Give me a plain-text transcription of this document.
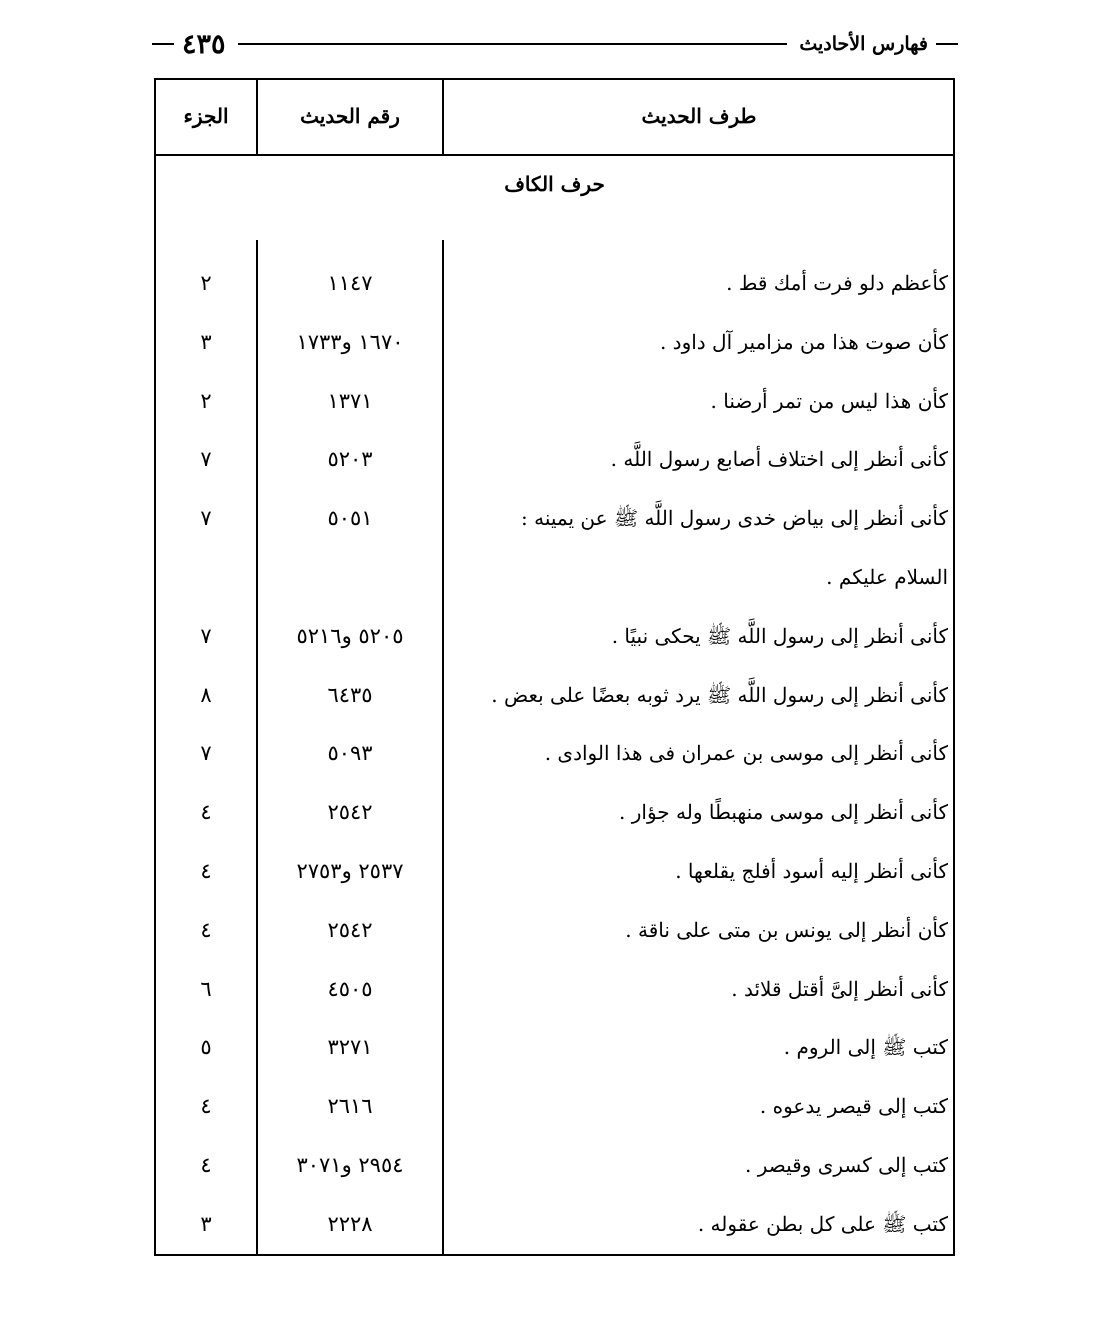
فهارس الأحاديث
٤٣٥
طرف الحديث
رقم الحديث
الجزء
حرف الكاف
كأعظم دلو فرت أمك قط .
١١٤٧
٢
كأن صوت هذا من مزامير آل داود .
١٦٧٠ و١٧٣٣
٣
كأن هذا ليس من تمر أرضنا .
١٣٧١
٢
كأنى أنظر إلى اختلاف أصابع رسول اللَّه .
٥٢٠٣
٧
كأنى أنظر إلى بياض خدى رسول اللَّه ﷺ عن يمينه :
٥٠٥١
٧
السلام عليكم .
كأنى أنظر إلى رسول اللَّه ﷺ يحكى نبيًا .
٥٢٠٥ و٥٢١٦
٧
كأنى أنظر إلى رسول اللَّه ﷺ يرد ثوبه بعضًا على بعض .
٦٤٣٥
٨
كأنى أنظر إلى موسى بن عمران فى هذا الوادى .
٥٠٩٣
٧
كأنى أنظر إلى موسى منهبطًا وله جؤار .
٢٥٤٢
٤
كأنى أنظر إليه أسود أفلج يقلعها .
٢٥٣٧ و٢٧٥٣
٤
كأن أنظر إلى يونس بن متى على ناقة .
٢٥٤٢
٤
كأنى أنظر إلىَّ أقتل قلائد .
٤٥٠٥
٦
كتب ﷺ إلى الروم .
٣٢٧١
٥
كتب إلى قيصر يدعوه .
٢٦١٦
٤
كتب إلى كسرى وقيصر .
٢٩٥٤ و٣٠٧١
٤
كتب ﷺ على كل بطن عقوله .
٢٢٢٨
٣
